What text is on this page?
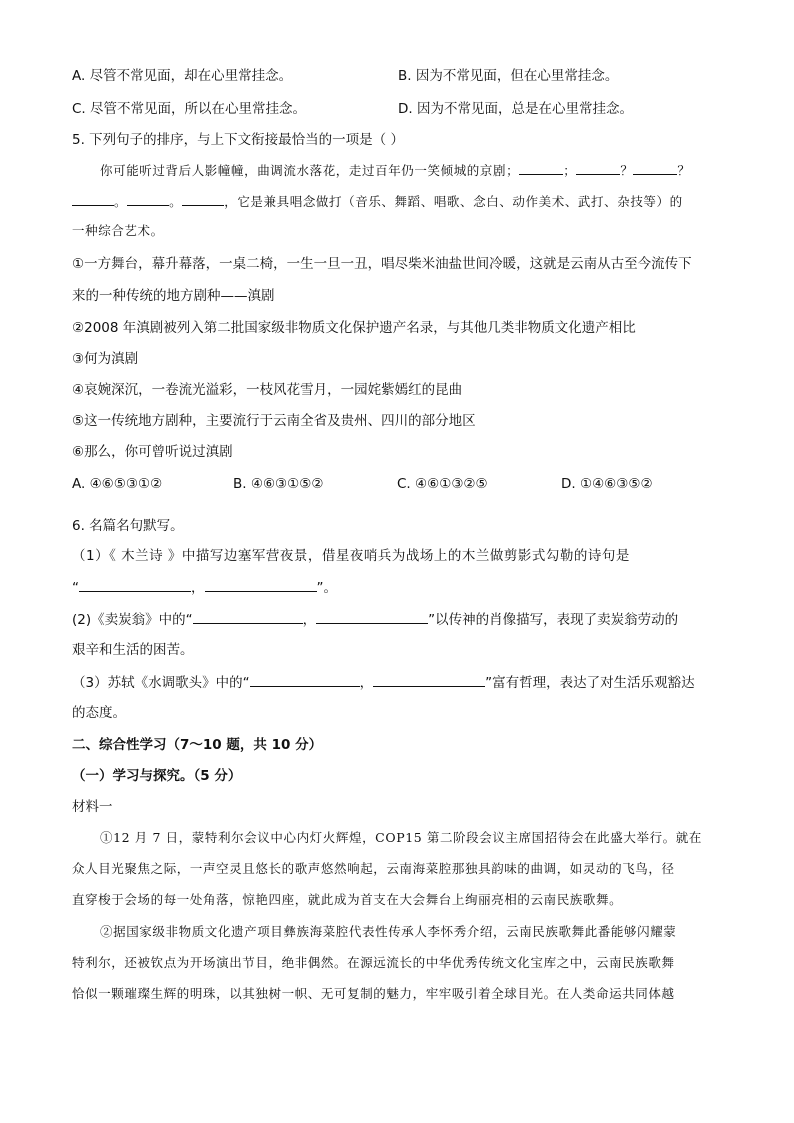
A. 尽管不常见面，却在心里常挂念。	B. 因为不常见面，但在心里常挂念。
C. 尽管不常见面，所以在心里常挂念。	D. 因为不常见面，总是在心里常挂念。
5. 下列句子的排序，与上下文衔接最恰当的一项是（ ）
你可能听过背后人影幢幢，曲调流水落花，走过百年仍一笑倾城的京剧；	；	？	？
。	。	，它是兼具唱念做打（音乐、舞蹈、唱歌、念白、动作美术、武打、杂技等）的
一种综合艺术。
①一方舞台，幕升幕落，一桌二椅，一生一旦一丑，唱尽柴米油盐世间冷暖，这就是云南从古至今流传下
来的一种传统的地方剧种——滇剧
②2008 年滇剧被列入第二批国家级非物质文化保护遗产名录，与其他几类非物质文化遗产相比
③何为滇剧
④哀婉深沉，一卷流光溢彩，一枝风花雪月，一园姹紫嫣红的昆曲
⑤这一传统地方剧种，主要流行于云南全省及贵州、四川的部分地区
⑥那么，你可曾听说过滇剧
A. ④⑥⑤③①②	B. ④⑥③①⑤②	C. ④⑥①③②⑤	D. ①④⑥③⑤②
6. 名篇名句默写。
（1）《 木兰诗 》中描写边塞军营夜景，借星夜哨兵为战场上的木兰做剪影式勾勒的诗句是
“	，	”。
(2)《卖炭翁》中的“	，	”以传神的肖像描写，表现了卖炭翁劳动的
艰辛和生活的困苦。
（3）苏轼《水调歌头》中的“	，	”富有哲理，表达了对生活乐观豁达
的态度。
二、综合性学习（7～10 题，共 10 分）
（一）学习与探究。（5 分）
材料一
①12 月 7 日，蒙特利尔会议中心内灯火辉煌，COP15 第二阶段会议主席国招待会在此盛大举行。就在
众人目光聚焦之际，一声空灵且悠长的歌声悠然响起，云南海菜腔那独具韵味的曲调，如灵动的飞鸟，径
直穿梭于会场的每一处角落，惊艳四座，就此成为首支在大会舞台上绚丽亮相的云南民族歌舞。
②据国家级非物质文化遗产项目彝族海菜腔代表性传承人李怀秀介绍，云南民族歌舞此番能够闪耀蒙
特利尔，还被钦点为开场演出节目，绝非偶然。在源远流长的中华优秀传统文化宝库之中，云南民族歌舞
恰似一颗璀璨生辉的明珠，以其独树一帜、无可复制的魅力，牢牢吸引着全球目光。在人类命运共同体越
